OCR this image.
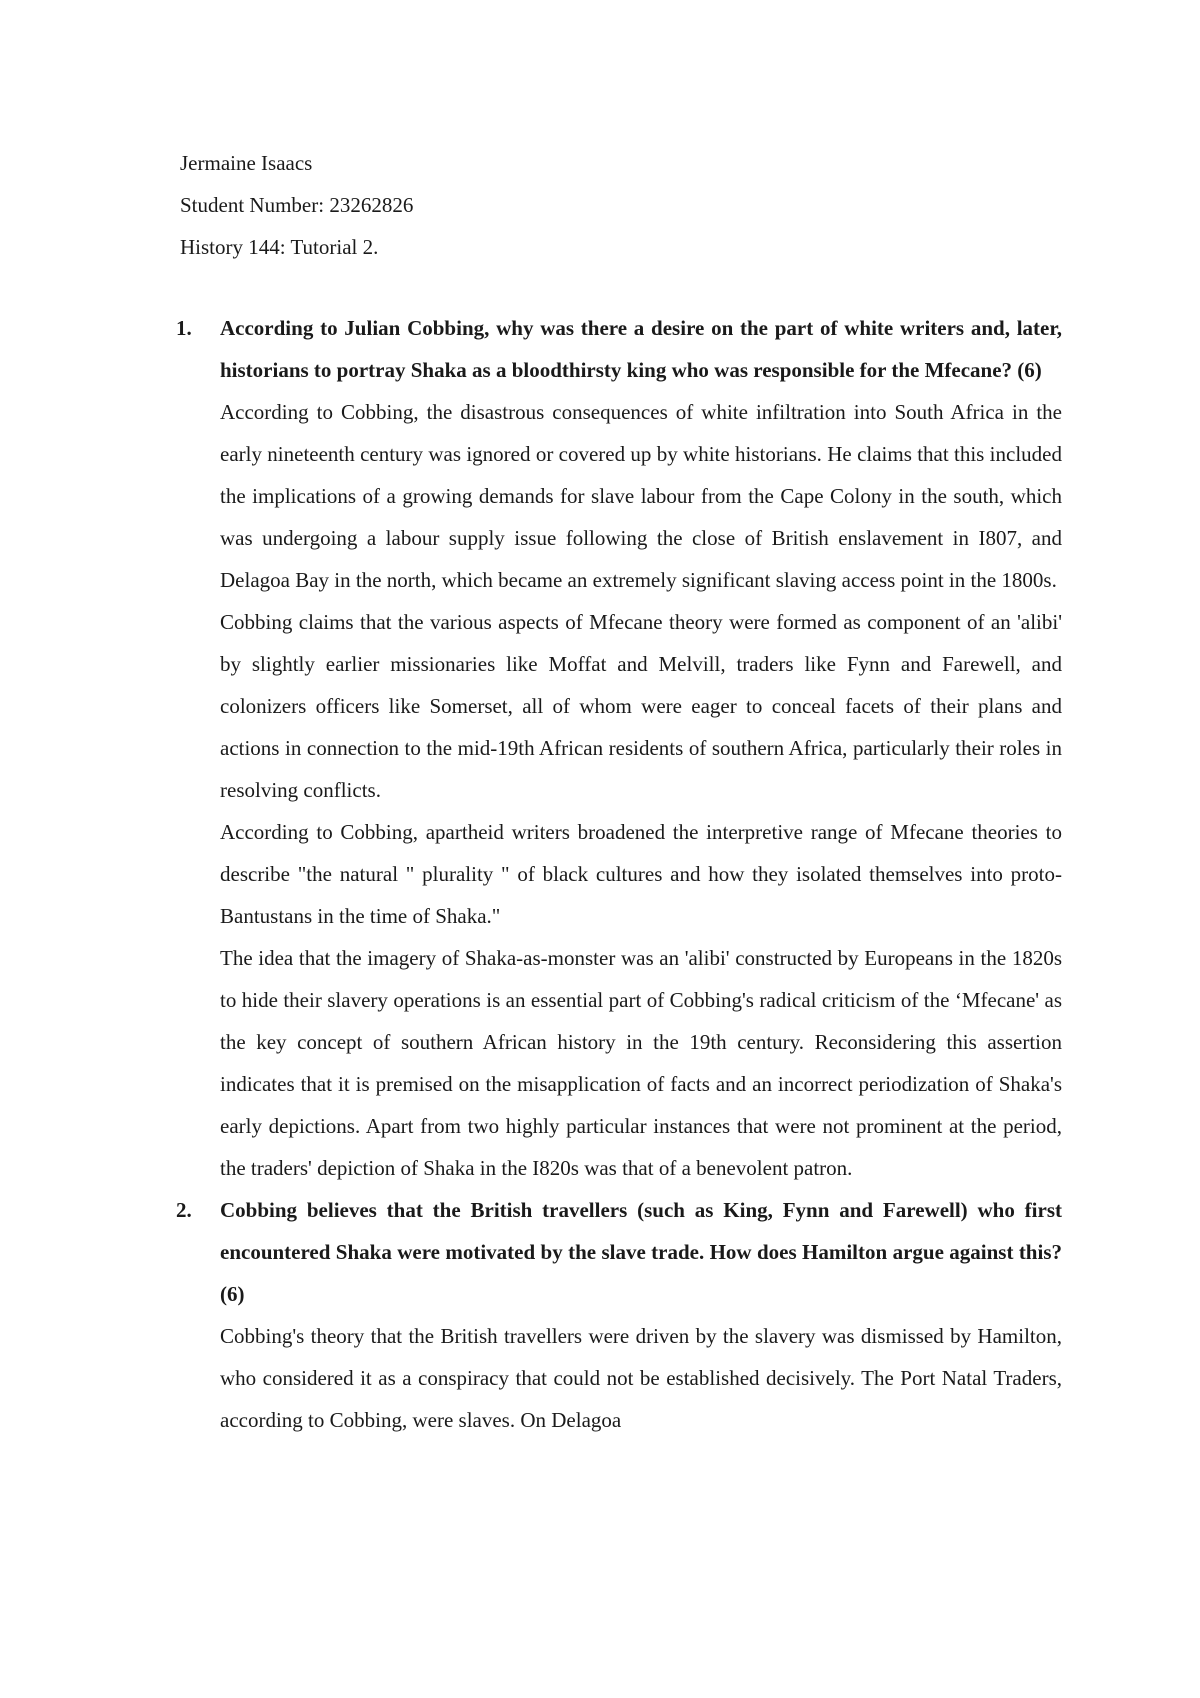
Jermaine Isaacs
Student Number: 23262826
History 144: Tutorial 2.
1. According to Julian Cobbing, why was there a desire on the part of white writers and, later, historians to portray Shaka as a bloodthirsty king who was responsible for the Mfecane? (6)

According to Cobbing, the disastrous consequences of white infiltration into South Africa in the early nineteenth century was ignored or covered up by white historians. He claims that this included the implications of a growing demands for slave labour from the Cape Colony in the south, which was undergoing a labour supply issue following the close of British enslavement in I807, and Delagoa Bay in the north, which became an extremely significant slaving access point in the 1800s.

Cobbing claims that the various aspects of Mfecane theory were formed as component of an 'alibi' by slightly earlier missionaries like Moffat and Melvill, traders like Fynn and Farewell, and colonizers officers like Somerset, all of whom were eager to conceal facets of their plans and actions in connection to the mid-19th African residents of southern Africa, particularly their roles in resolving conflicts.

According to Cobbing, apartheid writers broadened the interpretive range of Mfecane theories to describe "the natural " plurality " of black cultures and how they isolated themselves into proto-Bantustans in the time of Shaka."

The idea that the imagery of Shaka-as-monster was an 'alibi' constructed by Europeans in the 1820s to hide their slavery operations is an essential part of Cobbing's radical criticism of the ‘Mfecane' as the key concept of southern African history in the 19th century. Reconsidering this assertion indicates that it is premised on the misapplication of facts and an incorrect periodization of Shaka's early depictions. Apart from two highly particular instances that were not prominent at the period, the traders' depiction of Shaka in the I820s was that of a benevolent patron.

2. Cobbing believes that the British travellers (such as King, Fynn and Farewell) who first encountered Shaka were motivated by the slave trade. How does Hamilton argue against this? (6)

Cobbing's theory that the British travellers were driven by the slavery was dismissed by Hamilton, who considered it as a conspiracy that could not be established decisively. The Port Natal Traders, according to Cobbing, were slaves. On Delagoa
